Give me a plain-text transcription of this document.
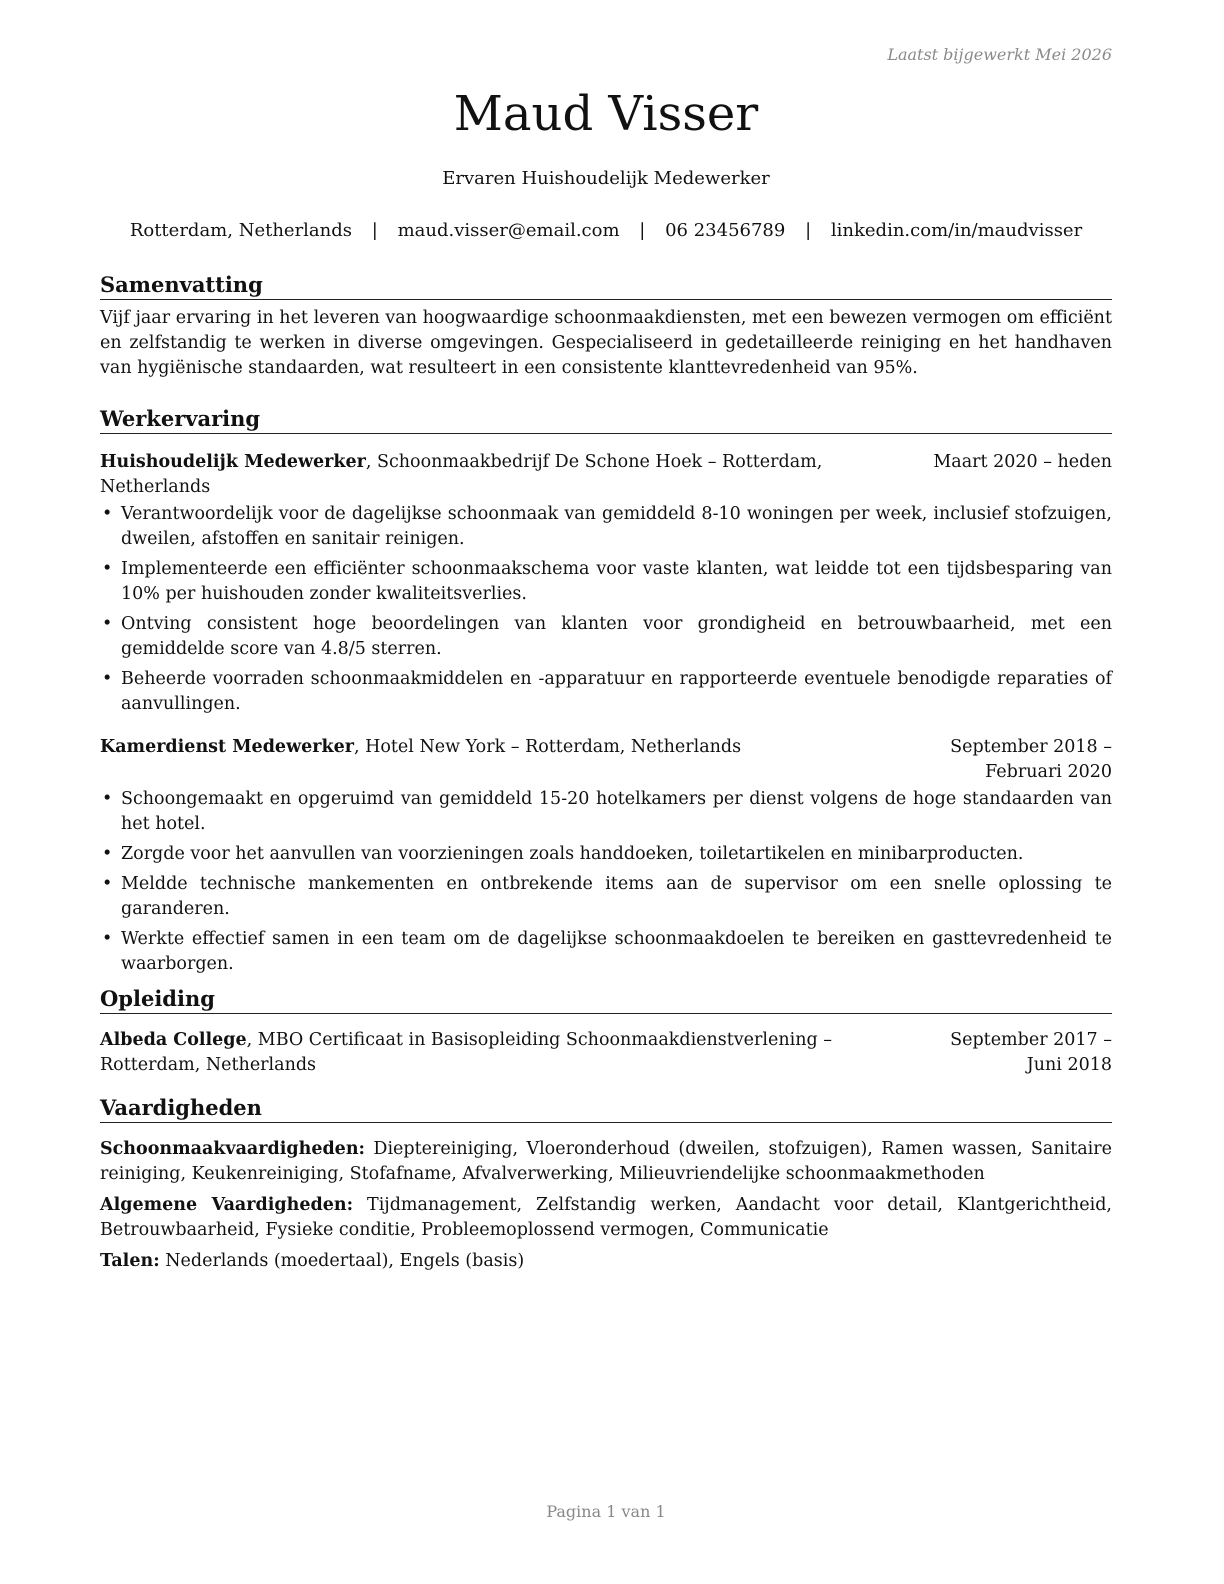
Laatst bijgewerkt Mei 2026
Maud Visser
Ervaren Huishoudelijk Medewerker
Rotterdam, Netherlands | maud.visser@email.com | 06 23456789 | linkedin.com/in/maudvisser
Samenvatting

Vijf jaar ervaring in het leveren van hoogwaardige schoonmaakdiensten, met een bewezen vermogen om efficiënt en zelfstandig te werken in diverse omgevingen. Gespecialiseerd in gedetailleerde reiniging en het handhaven van hygiënische standaarden, wat resulteert in een consistente klanttevredenheid van 95%.

Werkervaring
Huishoudelijk Medewerker, Schoonmaakbedrijf De Schone Hoek – Rotterdam, Netherlands
Maart 2020 – heden
• Verantwoordelijk voor de dagelijkse schoonmaak van gemiddeld 8-10 woningen per week, inclusief stofzuigen, dweilen, afstoffen en sanitair reinigen.
• Implementeerde een efficiënter schoonmaakschema voor vaste klanten, wat leidde tot een tijdsbesparing van 10% per huishouden zonder kwaliteitsverlies.
• Ontving consistent hoge beoordelingen van klanten voor grondigheid en betrouwbaarheid, met een gemiddelde score van 4.8/5 sterren.
• Beheerde voorraden schoonmaakmiddelen en -apparatuur en rapporteerde eventuele benodigde reparaties of aanvullingen.
Kamerdienst Medewerker, Hotel New York – Rotterdam, Netherlands	September 2018 – Februari 2020
• Schoongemaakt en opgeruimd van gemiddeld 15-20 hotelkamers per dienst volgens de hoge standaarden van het hotel.
• Zorgde voor het aanvullen van voorzieningen zoals handdoeken, toiletartikelen en minibarproducten.
• Meldde technische mankementen en ontbrekende items aan de supervisor om een snelle oplossing te garanderen.
• Werkte effectief samen in een team om de dagelijkse schoonmaakdoelen te bereiken en gasttevredenheid te waarborgen.
Opleiding
Albeda College, MBO Certificaat in Basisopleiding Schoonmaakdienstverlening – Rotterdam, Netherlands
September 2017 – Juni 2018
Vaardigheden

Schoonmaakvaardigheden: Dieptereiniging, Vloeronderhoud (dweilen, stofzuigen), Ramen wassen, Sanitaire reiniging, Keukenreiniging, Stofafname, Afvalverwerking, Milieuvriendelijke schoonmaakmethoden

Algemene Vaardigheden: Tijdmanagement, Zelfstandig werken, Aandacht voor detail, Klantgerichtheid, Betrouwbaarheid, Fysieke conditie, Probleemoplossend vermogen, Communicatie

Talen: Nederlands (moedertaal), Engels (basis)

Pagina 1 van 1
